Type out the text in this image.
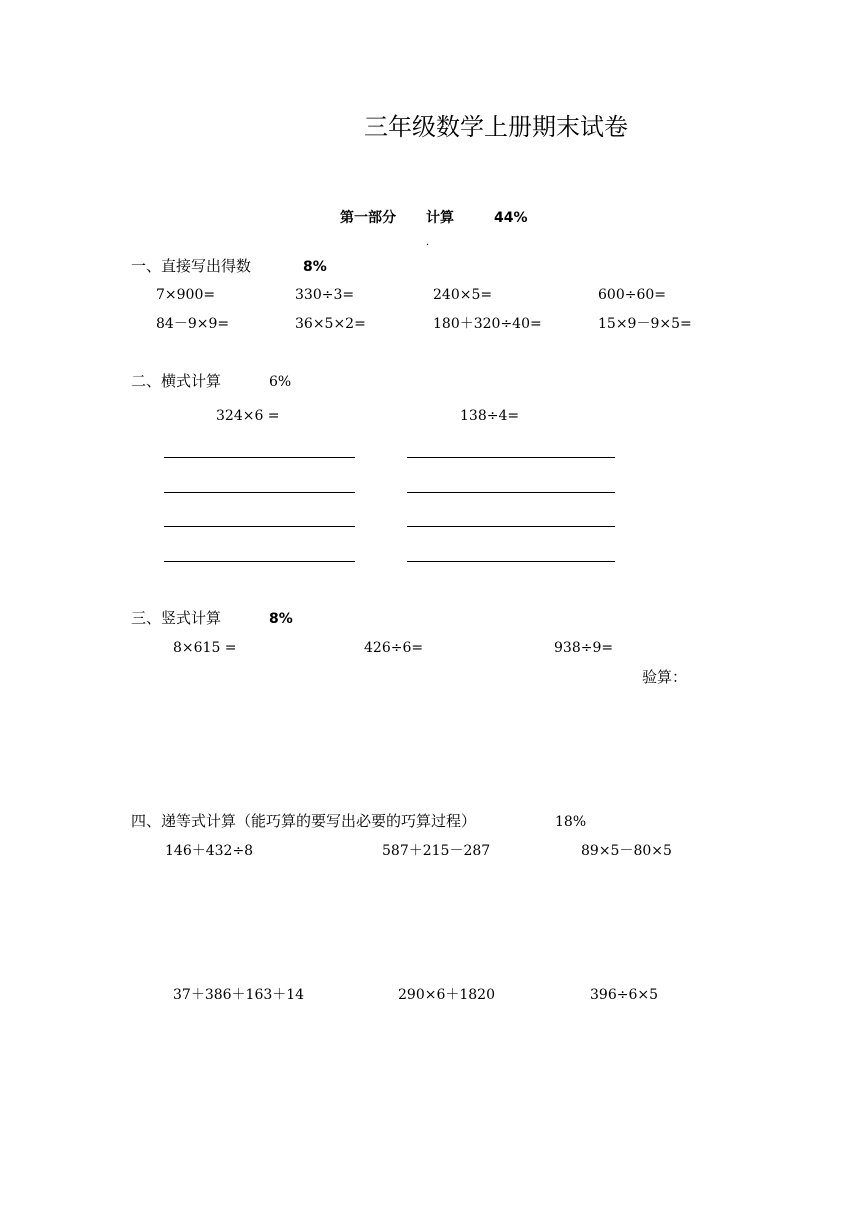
三年级数学上册期末试卷
第一部分 计算	44%
.
一、直接写出得数	8%
7×900=	330÷3=	240×5=	600÷60=
84－9×9=	36×5×2=	180＋320÷40=	15×9－9×5=
二、横式计算	6%
324×6 =	138÷4=
三、竖式计算	8%
8×615 =	426÷6=	938÷9=
验算：
四、递等式计算（能巧算的要写出必要的巧算过程）	18%
146＋432÷8	587＋215－287	89×5－80×5
37＋386＋163＋14	290×6＋1820	396÷6×5
